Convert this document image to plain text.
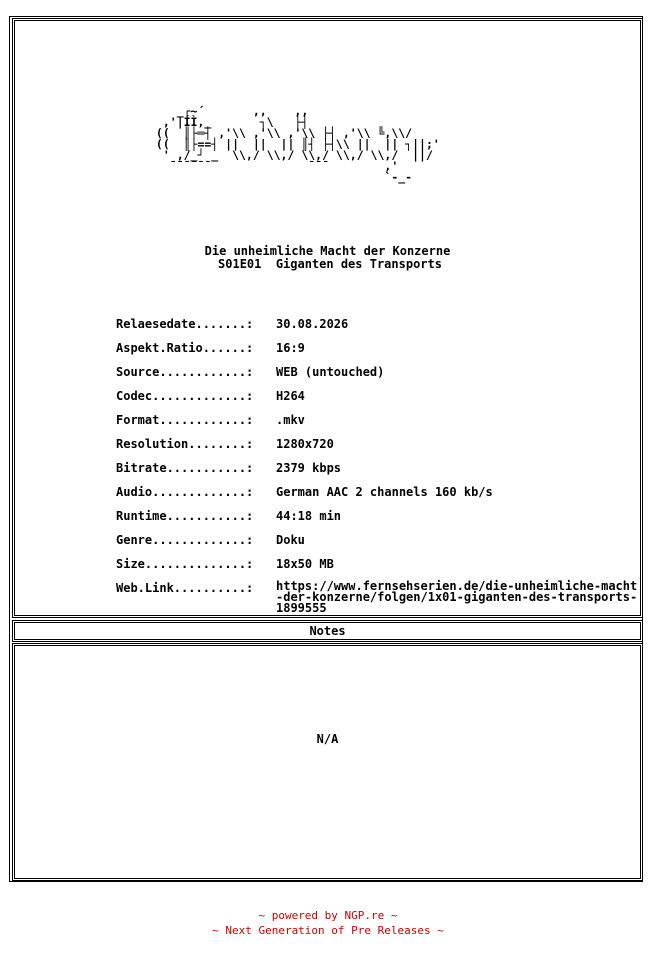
_┌~´       ,,    ,,
,'|ÍÌ,_       ┐\   ├┤
((  ║├═┤ ,'\\ ,'\\ ,'\\ ├┤ ,'\\ ╚,\\/
((  ║├==┤ ||  ||  || ║┤ ├┤\\ ||  || ┐||;'
' ,/_┘ _  \\,/ \\,/ \\,/ \\,/ \\,/  ||/
¯¯¯¯¯¯              ¯¯¯        ,'
`-_-
Die unheimliche Macht der Konzerne
S01E01  Giganten des Transports
Relaesedate.......:	30.08.2026
Aspekt.Ratio......:	16:9
Source............:	WEB (untouched)
Codec.............:	H264
Format............:	.mkv
Resolution........:	1280x720
Bitrate...........:	2379 kbps
Audio.............:	German AAC 2 channels 160 kb/s
Runtime...........:	44:18 min
Genre.............:	Doku
Size..............:	18x50 MB
Web.Link..........:	https://www.fernsehserien.de/die-unheimliche-macht-der-konzerne/folgen/1x01-giganten-des-transports-1899555
Notes
N/A
~ powered by NGP.re ~
~ Next Generation of Pre Releases ~
